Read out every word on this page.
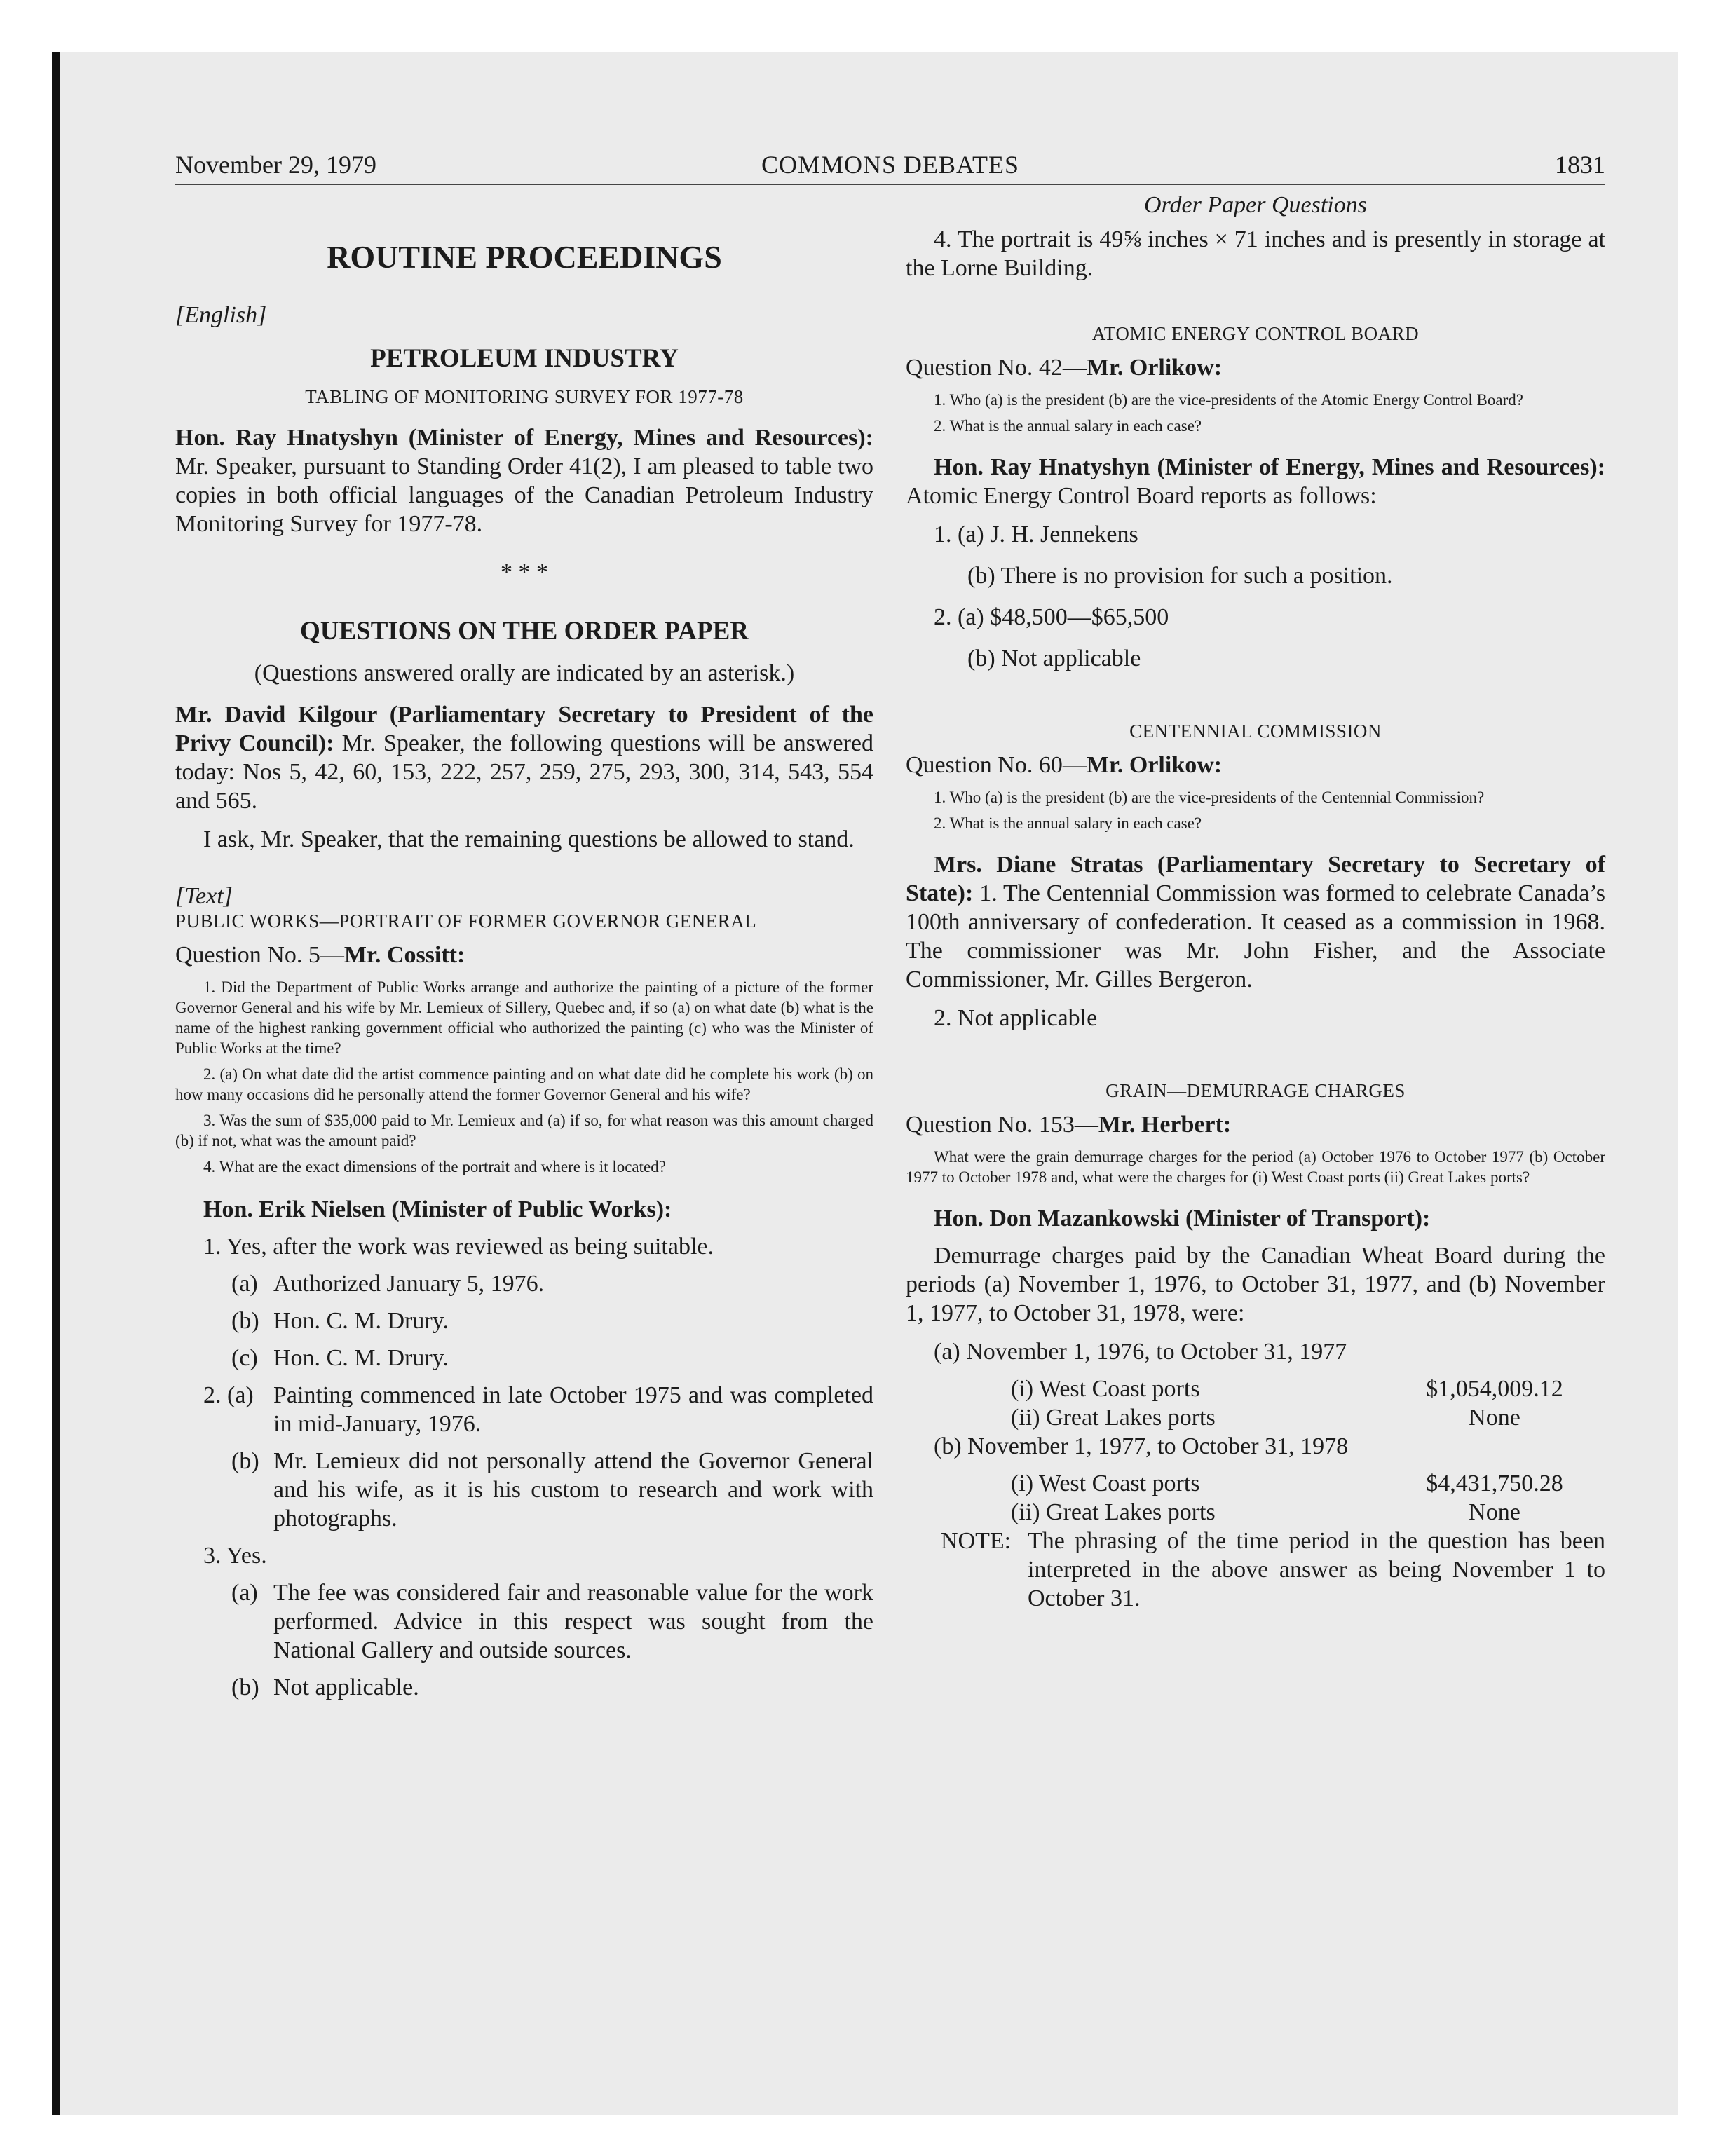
November 29, 1979	COMMONS DEBATES	1831

ROUTINE PROCEEDINGS

[English]

PETROLEUM INDUSTRY

TABLING OF MONITORING SURVEY FOR 1977-78

Hon. Ray Hnatyshyn (Minister of Energy, Mines and Resources): Mr. Speaker, pursuant to Standing Order 41(2), I am pleased to table two copies in both official languages of the Canadian Petroleum Industry Monitoring Survey for 1977-78.

* * *

QUESTIONS ON THE ORDER PAPER

(Questions answered orally are indicated by an asterisk.)

Mr. David Kilgour (Parliamentary Secretary to President of the Privy Council): Mr. Speaker, the following questions will be answered today: Nos 5, 42, 60, 153, 222, 257, 259, 275, 293, 300, 314, 543, 554 and 565.

I ask, Mr. Speaker, that the remaining questions be allowed to stand.

[Text]

PUBLIC WORKS—PORTRAIT OF FORMER GOVERNOR GENERAL

Question No. 5—Mr. Cossitt:

1. Did the Department of Public Works arrange and authorize the painting of a picture of the former Governor General and his wife by Mr. Lemieux of Sillery, Quebec and, if so (a) on what date (b) what is the name of the highest ranking government official who authorized the painting (c) who was the Minister of Public Works at the time?

2. (a) On what date did the artist commence painting and on what date did he complete his work (b) on how many occasions did he personally attend the former Governor General and his wife?

3. Was the sum of $35,000 paid to Mr. Lemieux and (a) if so, for what reason was this amount charged (b) if not, what was the amount paid?

4. What are the exact dimensions of the portrait and where is it located?

Hon. Erik Nielsen (Minister of Public Works):

1. Yes, after the work was reviewed as being suitable.

(a) Authorized January 5, 1976.
(b) Hon. C. M. Drury.
(c) Hon. C. M. Drury.
2. (a) Painting commenced in late October 1975 and was completed in mid-January, 1976.
(b) Mr. Lemieux did not personally attend the Governor General and his wife, as it is his custom to research and work with photographs.

3. Yes.

(a) The fee was considered fair and reasonable value for the work performed. Advice in this respect was sought from the National Gallery and outside sources.
(b) Not applicable.

Order Paper Questions

4. The portrait is 49⅝ inches × 71 inches and is presently in storage at the Lorne Building.

ATOMIC ENERGY CONTROL BOARD

Question No. 42—Mr. Orlikow:

1. Who (a) is the president (b) are the vice-presidents of the Atomic Energy Control Board?

2. What is the annual salary in each case?

Hon. Ray Hnatyshyn (Minister of Energy, Mines and Resources): Atomic Energy Control Board reports as follows:

1. (a) J. H. Jennekens

(b) There is no provision for such a position.

2. (a) $48,500—$65,500

(b) Not applicable

CENTENNIAL COMMISSION

Question No. 60—Mr. Orlikow:

1. Who (a) is the president (b) are the vice-presidents of the Centennial Commission?

2. What is the annual salary in each case?

Mrs. Diane Stratas (Parliamentary Secretary to Secretary of State): 1. The Centennial Commission was formed to celebrate Canada’s 100th anniversary of confederation. It ceased as a commission in 1968. The commissioner was Mr. John Fisher, and the Associate Commissioner, Mr. Gilles Bergeron.

2. Not applicable

GRAIN—DEMURRAGE CHARGES

Question No. 153—Mr. Herbert:

What were the grain demurrage charges for the period (a) October 1976 to October 1977 (b) October 1977 to October 1978 and, what were the charges for (i) West Coast ports (ii) Great Lakes ports?

Hon. Don Mazankowski (Minister of Transport):

Demurrage charges paid by the Canadian Wheat Board during the periods (a) November 1, 1976, to October 31, 1977, and (b) November 1, 1977, to October 31, 1978, were:

(a) November 1, 1976, to October 31, 1977

(i) West Coast ports	$1,054,009.12
(ii) Great Lakes ports	None

(b) November 1, 1977, to October 31, 1978

(i) West Coast ports	$4,431,750.28
(ii) Great Lakes ports	None
NOTE: The phrasing of the time period in the question has been interpreted in the above answer as being November 1 to October 31.
